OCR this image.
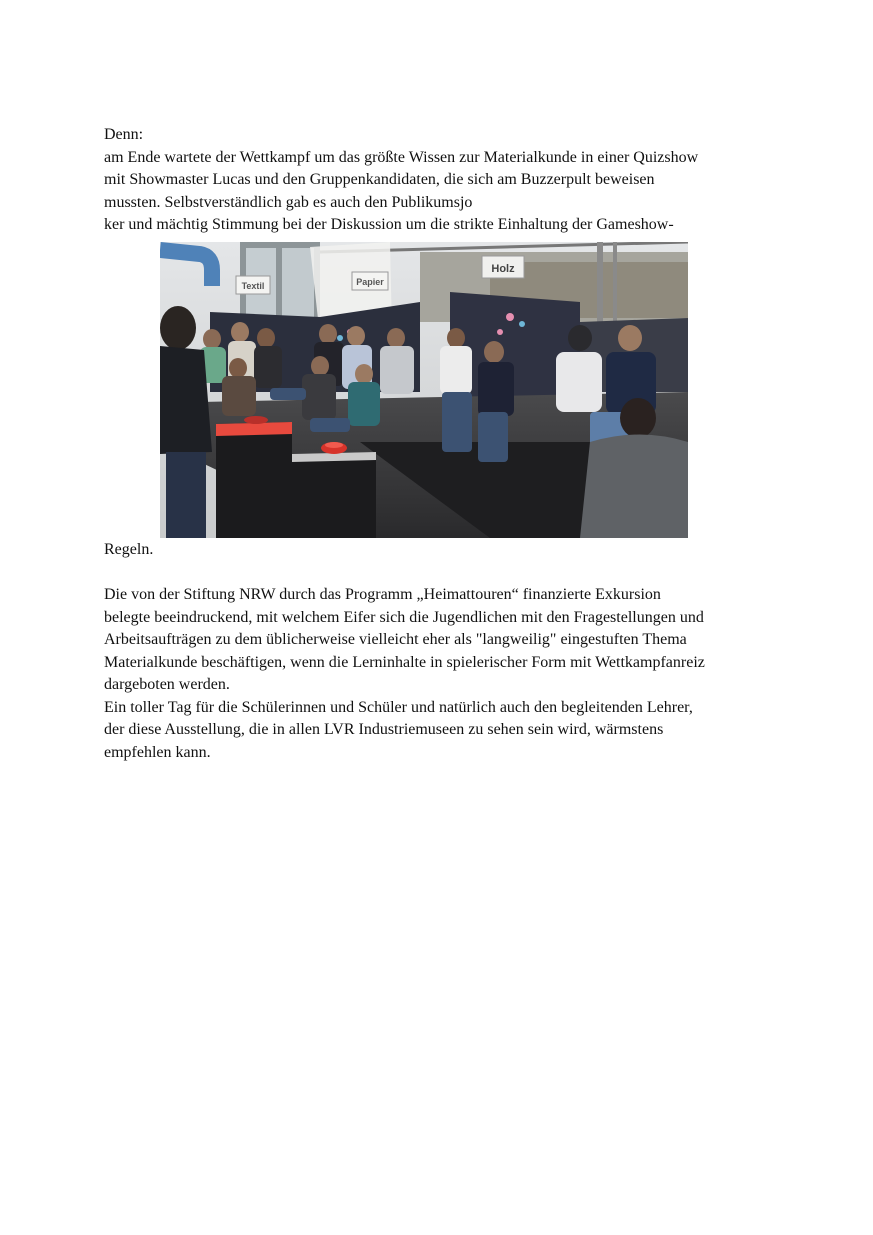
Denn:
am Ende wartete der Wettkampf um das größte Wissen zur Materialkunde in einer Quizshow
mit Showmaster Lucas und den Gruppenkandidaten, die sich am Buzzerpult beweisen
mussten. Selbstverständlich gab es auch den Publikumsjo
ker und mächtig Stimmung bei der Diskussion um die strikte Einhaltung der Gameshow-
Textil	Papier
Holz
Regeln.
Die von der Stiftung NRW durch das Programm „Heimattouren“ finanzierte Exkursion
belegte beeindruckend, mit welchem Eifer sich die Jugendlichen mit den Fragestellungen und
Arbeitsaufträgen zu dem üblicherweise vielleicht eher als "langweilig" eingestuften Thema
Materialkunde beschäftigen, wenn die Lerninhalte in spielerischer Form mit Wettkampfanreiz
dargeboten werden.
Ein toller Tag für die Schülerinnen und Schüler und natürlich auch den begleitenden Lehrer,
der diese Ausstellung, die in allen LVR Industriemuseen zu sehen sein wird, wärmstens
empfehlen kann.
